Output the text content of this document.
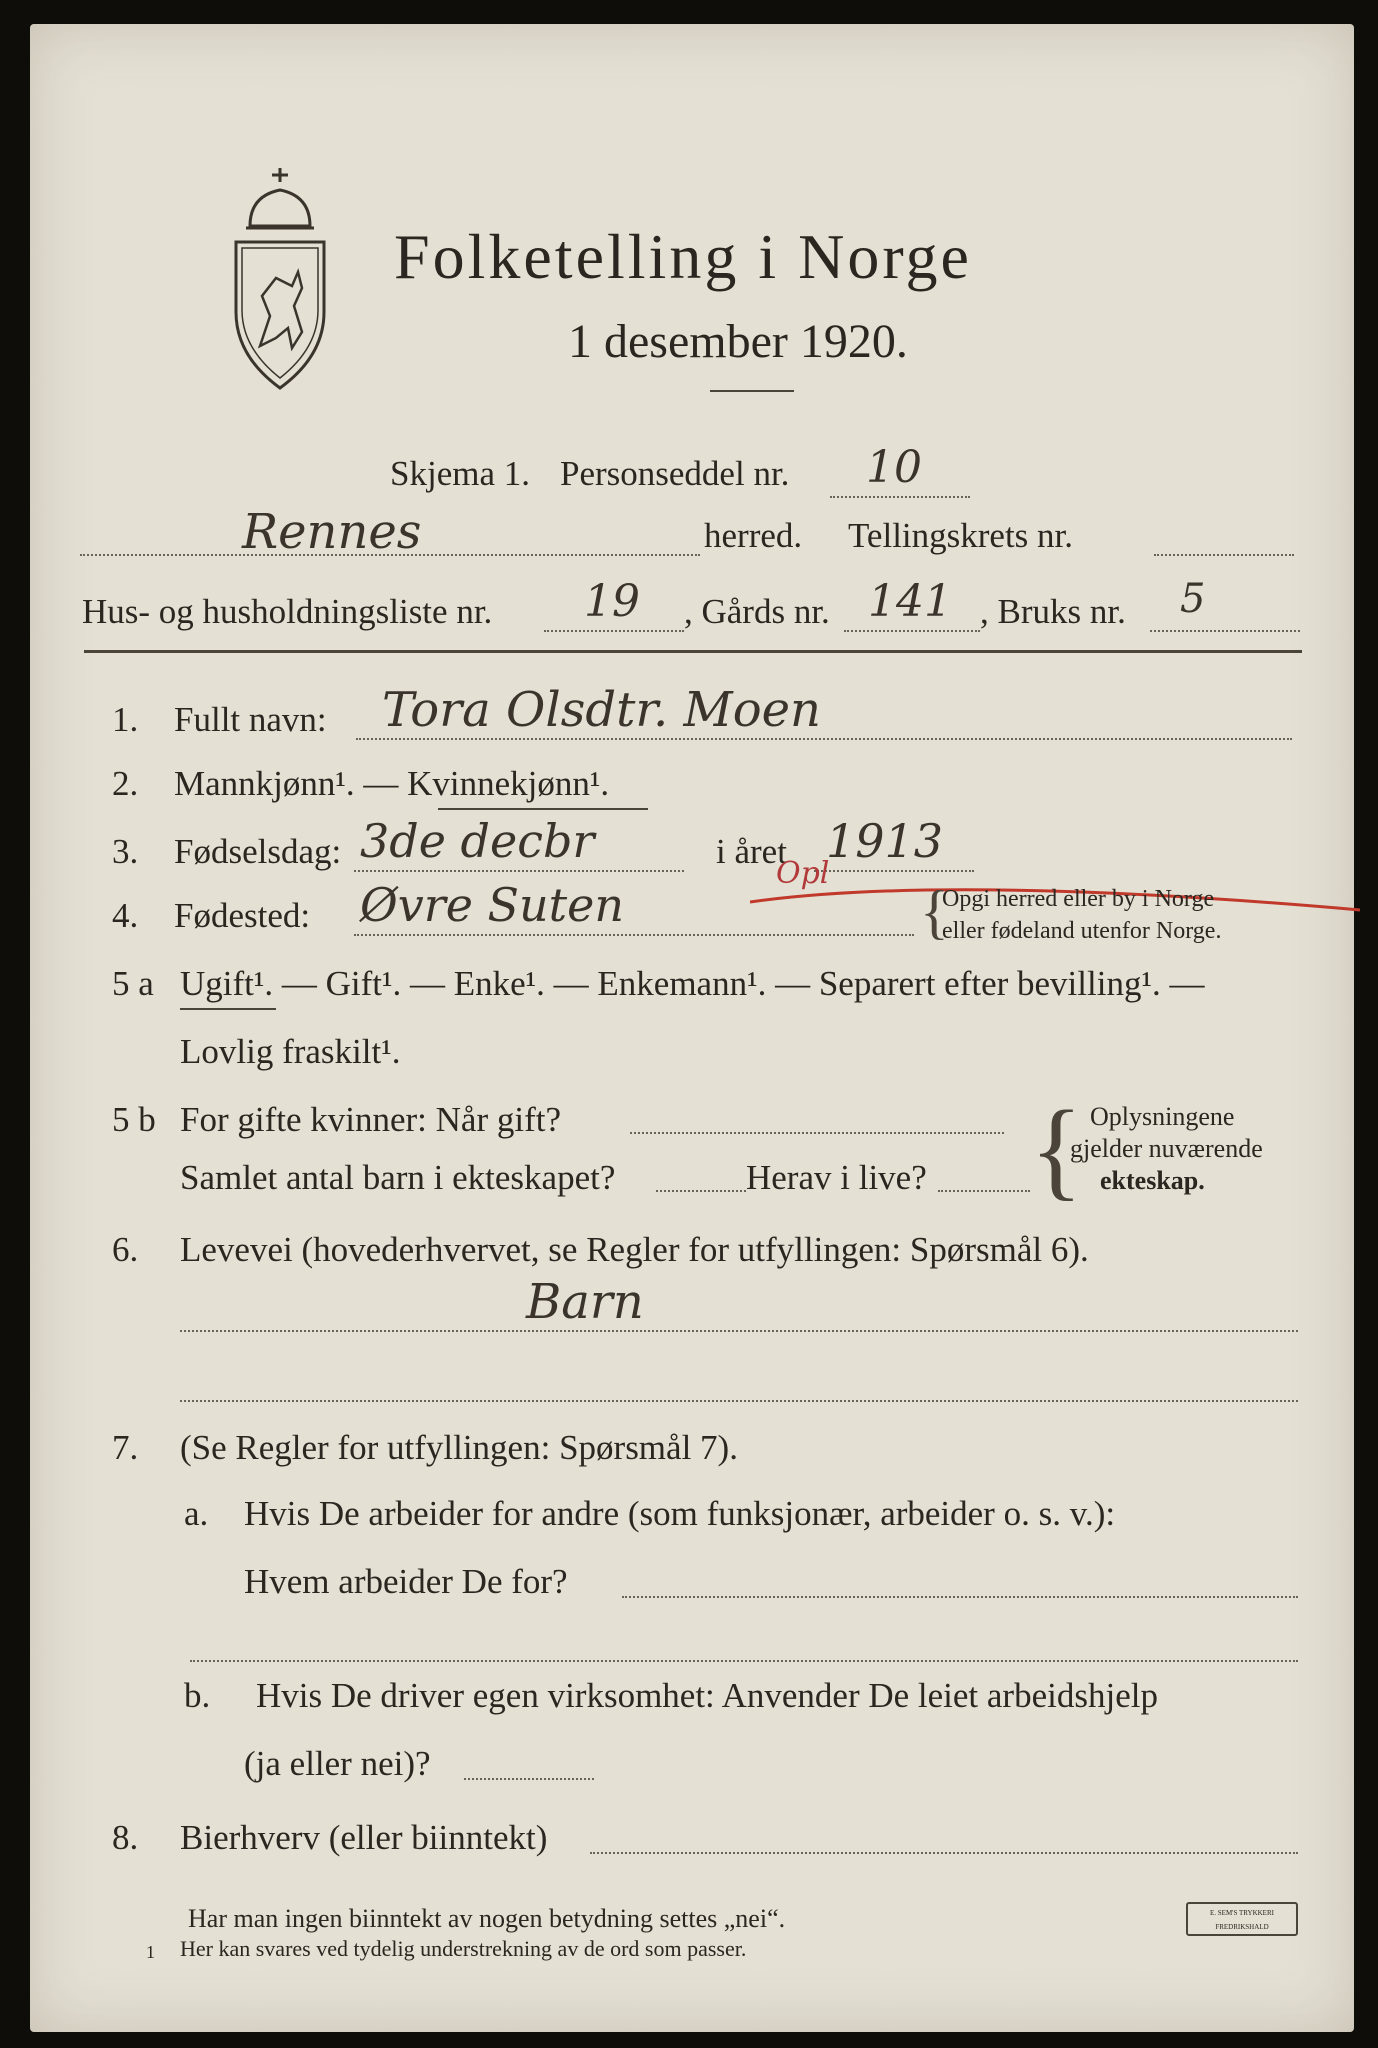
Folketelling i Norge
1 desember 1920.
Skjema 1. Personseddel nr. 10
Rennes	herred. Tellingskrets nr.
Hus- og husholdningsliste nr. 19 , Gårds nr. 141 , Bruks nr. 5
1. Fullt navn: Tora Olsdtr. Moen
2. Mannkjønn¹. — Kvinnekjønn¹.
3. Fødselsdag: 3de decbr	i året 1913
4. Fødested: Øvre Suten
Opl
{
Opgi herred eller by i Norge
eller fødeland utenfor Norge.
5 a Ugift¹. — Gift¹. — Enke¹. — Enkemann¹. — Separert efter bevilling¹. —
Lovlig fraskilt¹.
5 b For gifte kvinner: Når gift?
Samlet antal barn i ekteskapet?	Herav i live? { Oplysningene
gjelder nuværende
ekteskap.
6. Levevei (hovederhvervet, se Regler for utfyllingen: Spørsmål 6).
Barn
7. (Se Regler for utfyllingen: Spørsmål 7).
a. Hvis De arbeider for andre (som funksjonær, arbeider o. s. v.):
Hvem arbeider De for?
b. Hvis De driver egen virksomhet: Anvender De leiet arbeidshjelp
(ja eller nei)?
8. Bierhverv (eller biinntekt)
Har man ingen biinntekt av nogen betydning settes „nei“.
1 Her kan svares ved tydelig understrekning av de ord som passer.
E. SEM'S TRYKKERI FREDRIKSHALD
